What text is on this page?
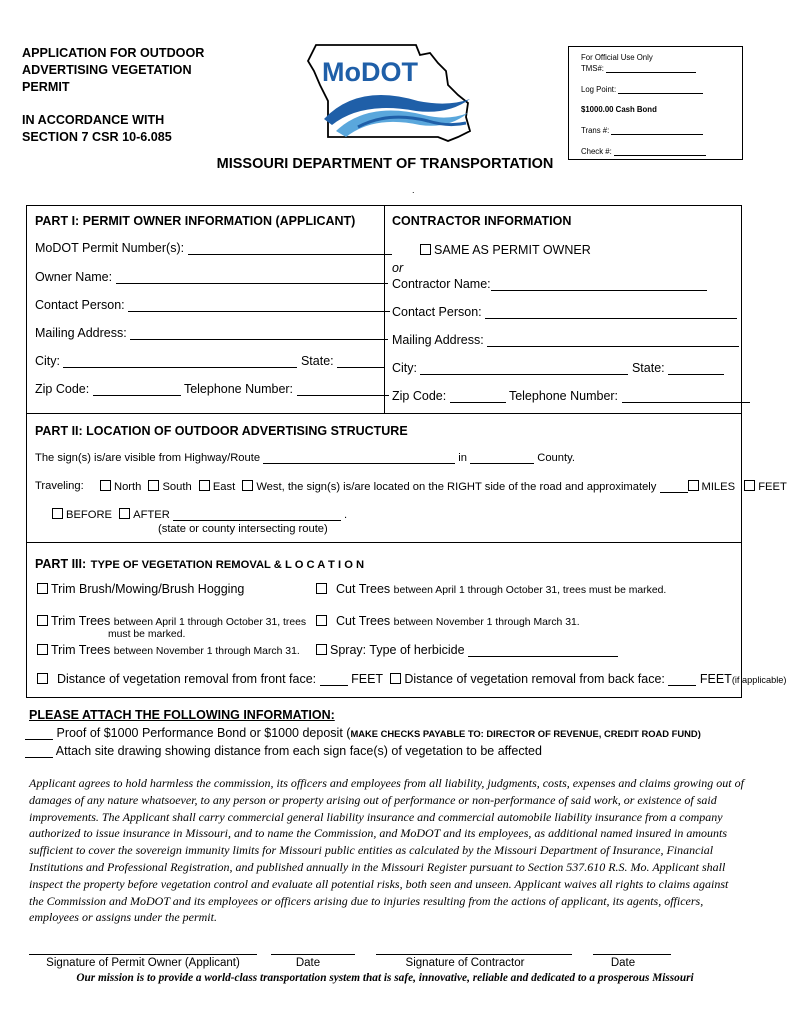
APPLICATION FOR OUTDOOR
ADVERTISING VEGETATION
PERMIT
IN ACCORDANCE WITH
SECTION 7 CSR 10-6.085
MoDOT	For Official Use Only
TMS#:
Log Point:
$1000.00 Cash Bond
Trans #:
Check #:
MISSOURI DEPARTMENT OF TRANSPORTATION
.
PART I: PERMIT OWNER INFORMATION (APPLICANT)
MoDOT Permit Number(s):
Owner Name:
Contact Person:
Mailing Address:
City:	State:
Zip Code:	Telephone Number:
CONTRACTOR INFORMATION
SAME AS PERMIT OWNER
or
Contractor Name:
Contact Person:
Mailing Address:
City:	State:
Zip Code:	Telephone Number:
PART II: LOCATION OF OUTDOOR ADVERTISING STRUCTURE
The sign(s) is/are visible from Highway/Route	in	County.
Traveling:	North South East West, the sign(s) is/are located on the RIGHT side of the road and approximately	MILES FEET
BEFORE AFTER	.
(state or county intersecting route)
PART III: TYPE OF VEGETATION REMOVAL & L O C A T I O N
Trim Brush/Mowing/Brush Hogging	Cut Trees between April 1 through October 31, trees must be marked.
Trim Trees between April 1 through October 31, trees
must be marked.
Cut Trees between November 1 through March 31.
Trim Trees between November 1 through March 31.	Spray: Type of herbicide
Distance of vegetation removal from front face:	FEET Distance of vegetation removal from back face:	FEET(if applicable)
PLEASE ATTACH THE FOLLOWING INFORMATION:
Proof of $1000 Performance Bond or $1000 deposit (MAKE CHECKS PAYABLE TO: DIRECTOR OF REVENUE, CREDIT ROAD FUND)
Attach site drawing showing distance from each sign face(s) of vegetation to be affected
Applicant agrees to hold harmless the commission, its officers and employees from all liability, judgments, costs, expenses and claims growing out of damages of any nature whatsoever, to any person or property arising out of performance or non-performance of said work, or existence of said improvements. The Applicant shall carry commercial general liability insurance and commercial automobile liability insurance from a company authorized to issue insurance in Missouri, and to name the Commission, and MoDOT and its employees, as additional named insured in amounts sufficient to cover the sovereign immunity limits for Missouri public entities as calculated by the Missouri Department of Insurance, Financial Institutions and Professional Registration, and published annually in the Missouri Register pursuant to Section 537.610 R.S. Mo. Applicant shall inspect the property before vegetation control and evaluate all potential risks, both seen and unseen. Applicant waives all rights to claims against the Commission and MoDOT and its employees or officers arising due to injuries resulting from the actions of applicant, its agents, officers, employees or assigns under the permit.
Signature of Permit Owner (Applicant)	Date	Signature of Contractor	Date
Our mission is to provide a world-class transportation system that is safe, innovative, reliable and dedicated to a prosperous Missouri
